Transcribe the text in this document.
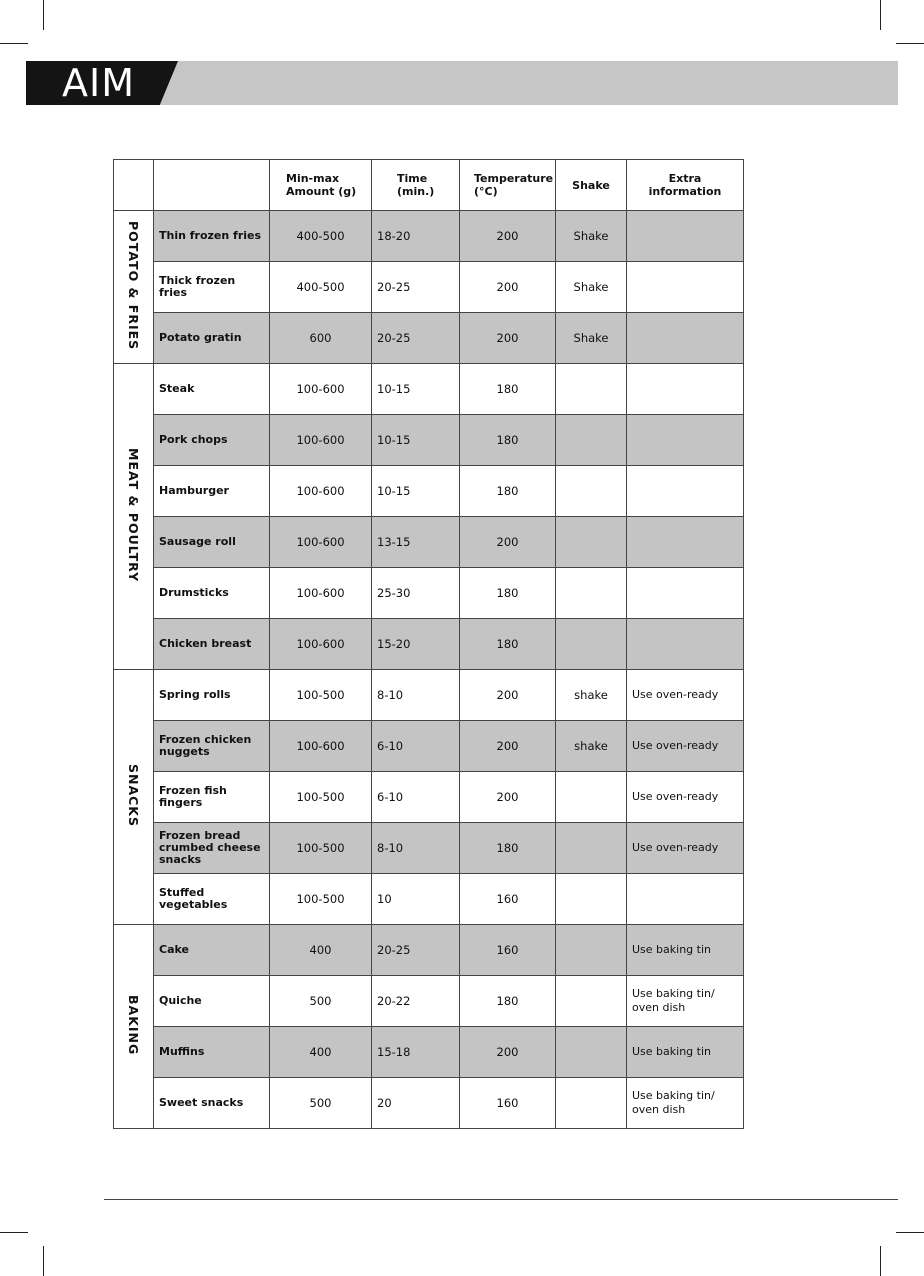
AIM
		Min-max Amount (g)	Time (min.)	Temperature (°C)	Shake	Extra information
POTATO & FRIES	Thin frozen fries	400-500	18-20	200	Shake	
	Thick frozen fries	400-500	20-25	200	Shake	
	Potato gratin	600	20-25	200	Shake	
MEAT & POULTRY	Steak	100-600	10-15	180		
	Pork chops	100-600	10-15	180		
	Hamburger	100-600	10-15	180		
	Sausage roll	100-600	13-15	200		
	Drumsticks	100-600	25-30	180		
	Chicken breast	100-600	15-20	180		
SNACKS	Spring rolls	100-500	8-10	200	shake	Use oven-ready
	Frozen chicken nuggets	100-600	6-10	200	shake	Use oven-ready
	Frozen fish fingers	100-500	6-10	200		Use oven-ready
	Frozen bread crumbed cheese snacks	100-500	8-10	180		Use oven-ready
	Stuffed vegetables	100-500	10	160		
BAKING	Cake	400	20-25	160		Use baking tin
	Quiche	500	20-22	180		Use baking tin/ oven dish
	Muffins	400	15-18	200		Use baking tin
	Sweet snacks	500	20	160		Use baking tin/ oven dish
